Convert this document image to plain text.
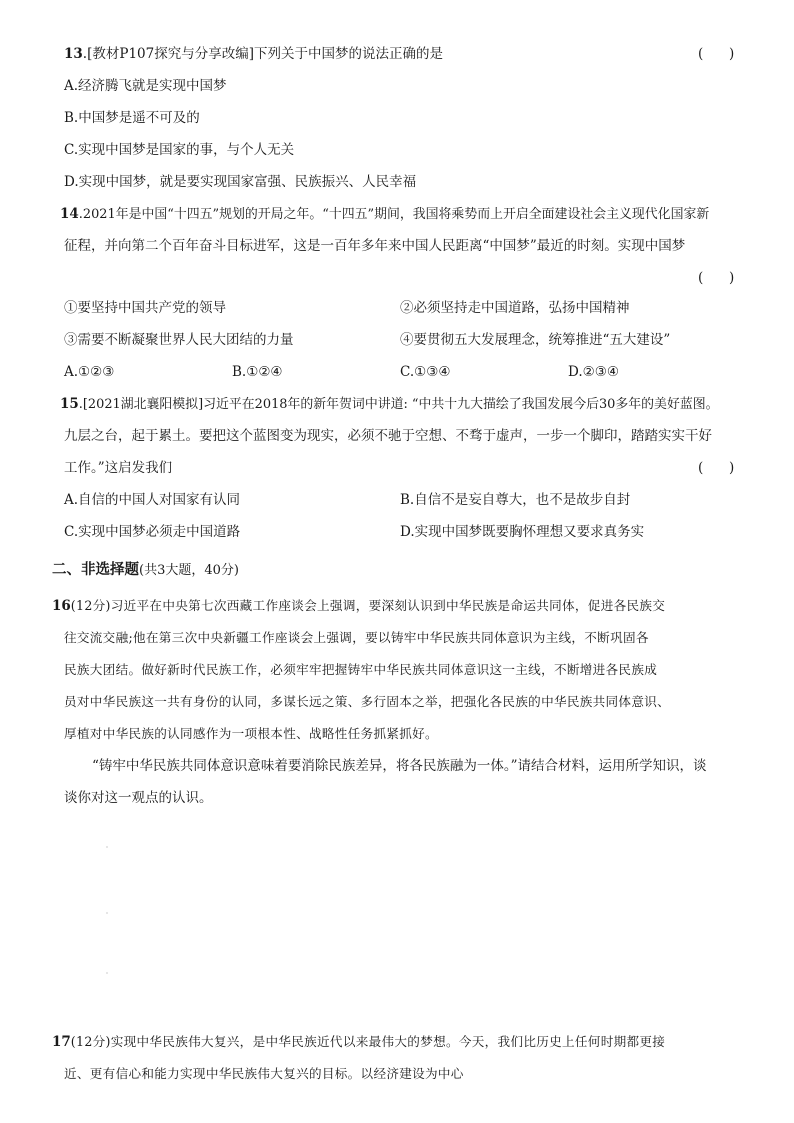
13.[教材P107探究与分享改编]下列关于中国梦的说法正确的是	(      )
A.经济腾飞就是实现中国梦
B.中国梦是遥不可及的
C.实现中国梦是国家的事，与个人无关
D.实现中国梦，就是要实现国家富强、民族振兴、人民幸福
14.2021年是中国“十四五”规划的开局之年。“十四五”期间，我国将乘势而上开启全面建设社会主义现代化国家新
征程，并向第二个百年奋斗目标进军，这是一百年多年来中国人民距离“中国梦”最近的时刻。实现中国梦
(      )
①要坚持中国共产党的领导	②必须坚持走中国道路，弘扬中国精神
③需要不断凝聚世界人民大团结的力量	④要贯彻五大发展理念，统筹推进“五大建设”
A.①②③	B.①②④	C.①③④	D.②③④
15.[2021湖北襄阳模拟]习近平在2018年的新年贺词中讲道: “中共十九大描绘了我国发展今后30多年的美好蓝图。
九层之台，起于累土。要把这个蓝图变为现实，必须不驰于空想、不骛于虚声，一步一个脚印，踏踏实实干好
工作。”这启发我们	(      )
A.自信的中国人对国家有认同	B.自信不是妄自尊大，也不是故步自封
C.实现中国梦必须走中国道路	D.实现中国梦既要胸怀理想又要求真务实
二、非选择题(共3大题，40分)
16(12分)习近平在中央第七次西藏工作座谈会上强调，要深刻认识到中华民族是命运共同体，促进各民族交
往交流交融;他在第三次中央新疆工作座谈会上强调，要以铸牢中华民族共同体意识为主线，不断巩固各
民族大团结。做好新时代民族工作，必须牢牢把握铸牢中华民族共同体意识这一主线，不断增进各民族成
员对中华民族这一共有身份的认同，多谋长远之策、多行固本之举，把强化各民族的中华民族共同体意识、
厚植对中华民族的认同感作为一项根本性、战略性任务抓紧抓好。
“铸牢中华民族共同体意识意味着要消除民族差异，将各民族融为一体。”请结合材料，运用所学知识，谈
谈你对这一观点的认识。
17(12分)实现中华民族伟大复兴，是中华民族近代以来最伟大的梦想。今天，我们比历史上任何时期都更接
近、更有信心和能力实现中华民族伟大复兴的目标。以经济建设为中心
